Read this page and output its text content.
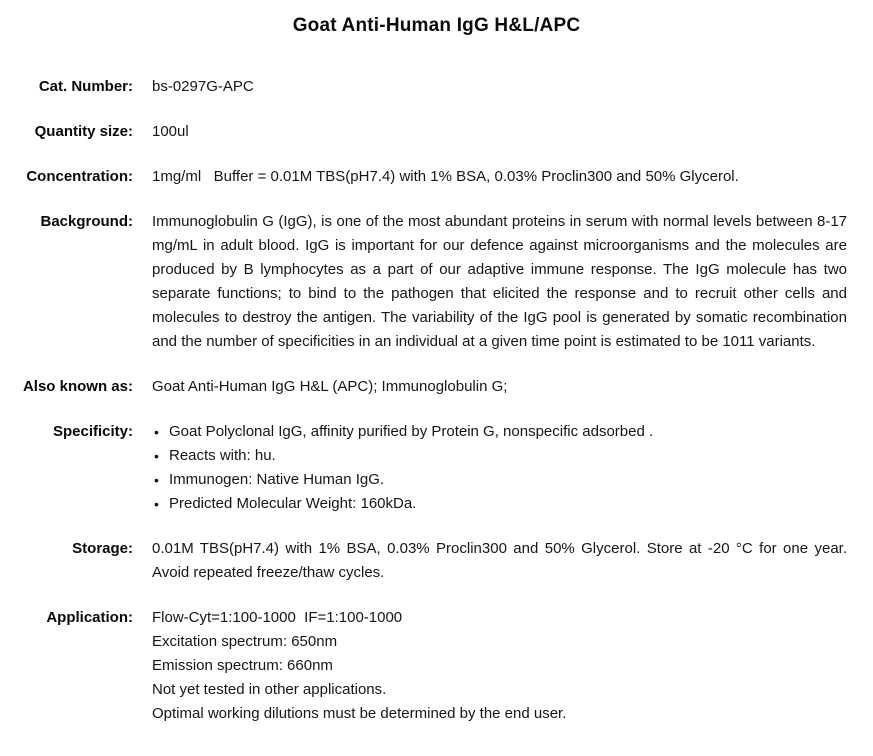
Goat Anti-Human IgG H&L/APC
Cat. Number: bs-0297G-APC
Quantity size: 100ul
Concentration: 1mg/ml   Buffer = 0.01M TBS(pH7.4) with 1% BSA, 0.03% Proclin300 and 50% Glycerol.
Background: Immunoglobulin G (IgG), is one of the most abundant proteins in serum with normal levels between 8-17 mg/mL in adult blood. IgG is important for our defence against microorganisms and the molecules are produced by B lymphocytes as a part of our adaptive immune response. The IgG molecule has two separate functions; to bind to the pathogen that elicited the response and to recruit other cells and molecules to destroy the antigen. The variability of the IgG pool is generated by somatic recombination and the number of specificities in an individual at a given time point is estimated to be 1011 variants.
Also known as: Goat Anti-Human IgG H&L (APC); Immunoglobulin G;
Specificity: • Goat Polyclonal IgG, affinity purified by Protein G, nonspecific adsorbed .
• Reacts with: hu.
• Immunogen: Native Human IgG.
• Predicted Molecular Weight: 160kDa.
Storage: 0.01M TBS(pH7.4) with 1% BSA, 0.03% Proclin300 and 50% Glycerol. Store at -20 °C for one year. Avoid repeated freeze/thaw cycles.
Application: Flow-Cyt=1:100-1000  IF=1:100-1000
Excitation spectrum: 650nm
Emission spectrum: 660nm
Not yet tested in other applications.
Optimal working dilutions must be determined by the end user.
